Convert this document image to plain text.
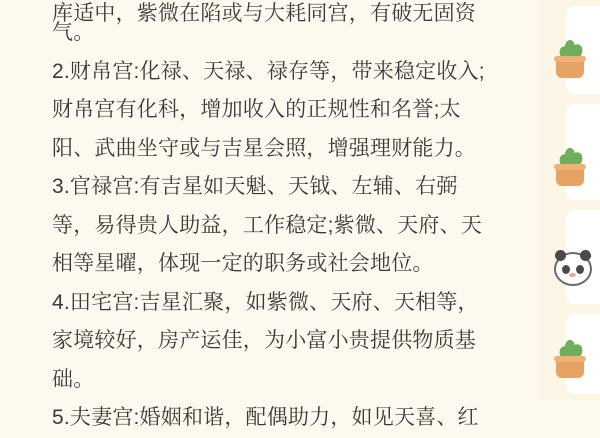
库适中，紫微在陷或与大耗同宫，有破无固资
气。
2.财帛宫:化禄、天禄、禄存等，带来稳定收入;
财帛宫有化科，增加收入的正规性和名誉;太
阳、武曲坐守或与吉星会照，增强理财能力。
3.官禄宫:有吉星如天魁、天钺、左辅、右弼
等，易得贵人助益，工作稳定;紫微、天府、天
相等星曜，体现一定的职务或社会地位。
4.田宅宫:吉星汇聚，如紫微、天府、天相等，
家境较好，房产运佳，为小富小贵提供物质基
础。
5.夫妻宫:婚姻和谐，配偶助力，如见天喜、红
